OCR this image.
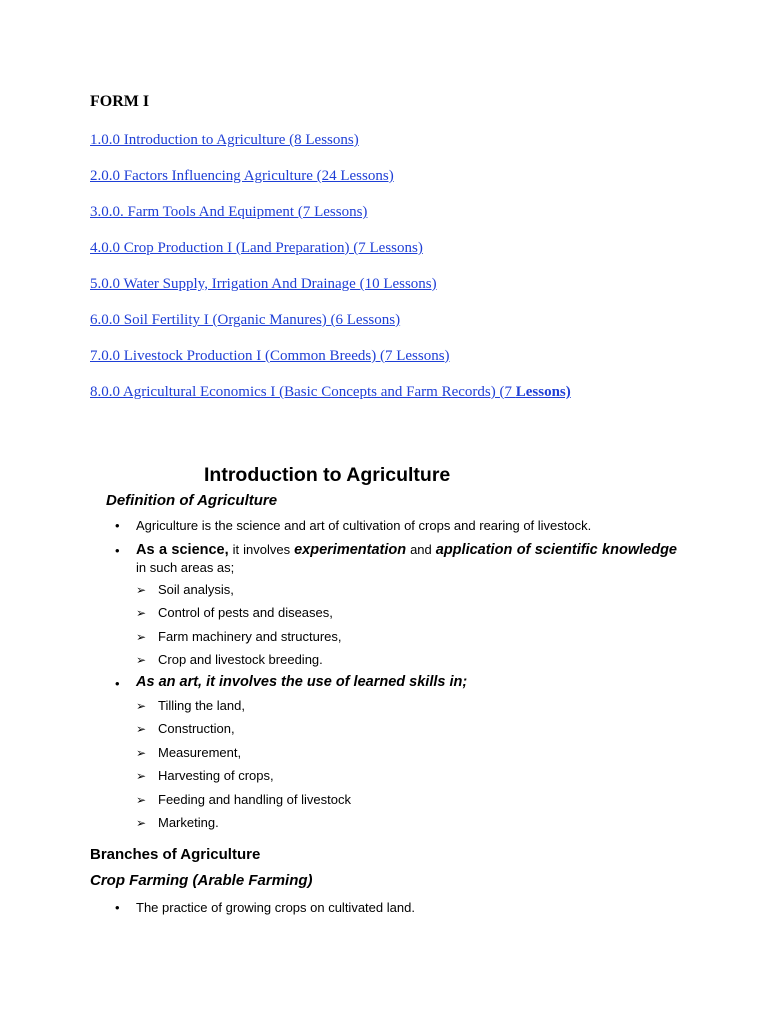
FORM I
1.0.0 Introduction to Agriculture (8 Lessons)
2.0.0 Factors Influencing Agriculture (24 Lessons)
3.0.0. Farm Tools And Equipment (7 Lessons)
4.0.0 Crop Production I (Land Preparation) (7 Lessons)
5.0.0 Water Supply, Irrigation And Drainage (10 Lessons)
6.0.0 Soil Fertility I (Organic Manures) (6 Lessons)
7.0.0 Livestock Production I (Common Breeds) (7 Lessons)
8.0.0 Agricultural Economics I (Basic Concepts and Farm Records) (7 Lessons)
Introduction to Agriculture
Definition of Agriculture
• Agriculture is the science and art of cultivation of crops and rearing of livestock.
• As a science, it involves experimentation and application of scientific knowledge in such areas as;
➢ Soil analysis,
➢ Control of pests and diseases,
➢ Farm machinery and structures,
➢ Crop and livestock breeding.
• As an art, it involves the use of learned skills in;
➢ Tilling the land,
➢ Construction,
➢ Measurement,
➢ Harvesting of crops,
➢ Feeding and handling of livestock
➢ Marketing.
Branches of Agriculture
Crop Farming (Arable Farming)
• The practice of growing crops on cultivated land.
